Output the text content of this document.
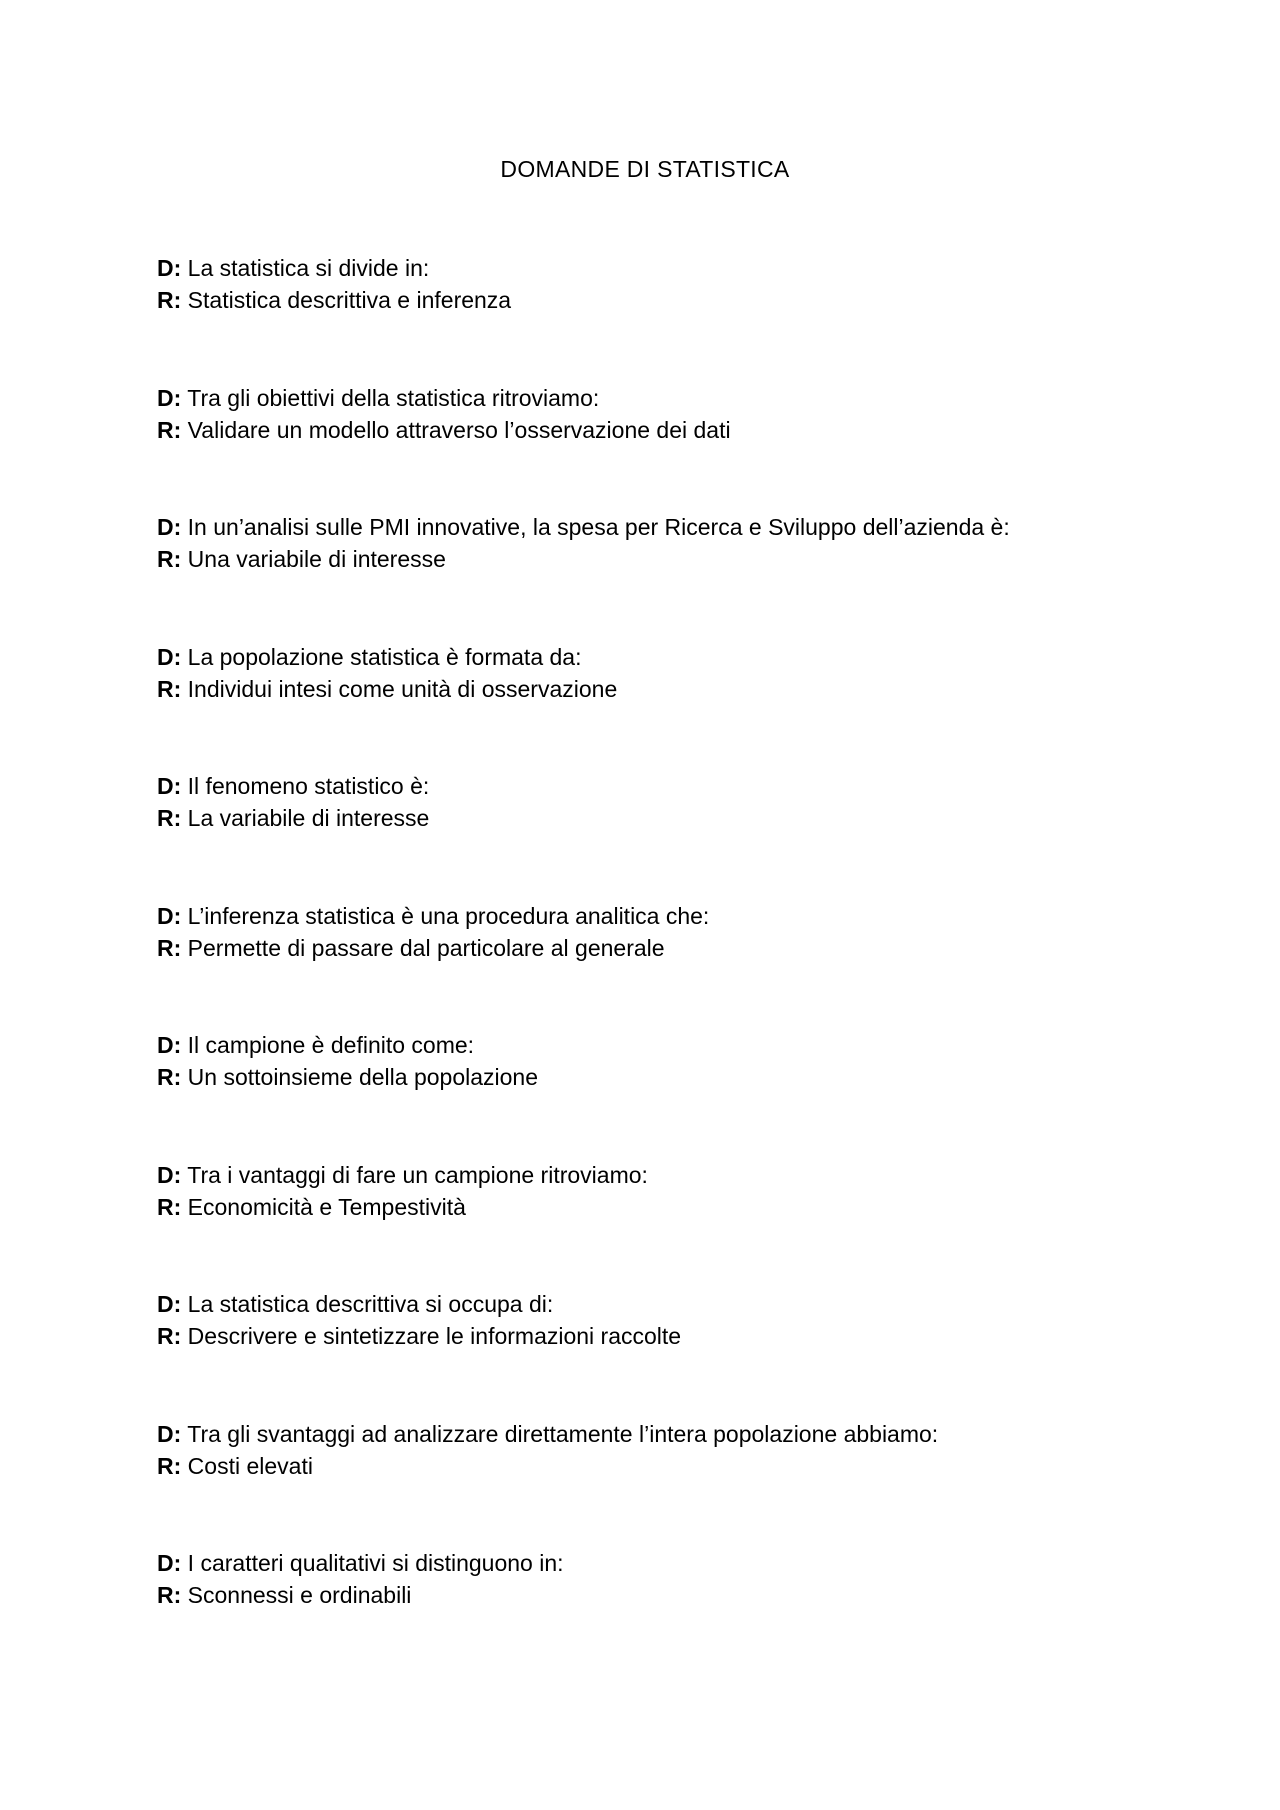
DOMANDE DI STATISTICA
D: La statistica si divide in:
R: Statistica descrittiva e inferenza
D: Tra gli obiettivi della statistica ritroviamo:
R: Validare un modello attraverso l’osservazione dei dati
D: In un’analisi sulle PMI innovative, la spesa per Ricerca e Sviluppo dell’azienda è:
R: Una variabile di interesse
D: La popolazione statistica è formata da:
R: Individui intesi come unità di osservazione
D: Il fenomeno statistico è:
R: La variabile di interesse
D: L’inferenza statistica è una procedura analitica che:
R: Permette di passare dal particolare al generale
D: Il campione è definito come:
R: Un sottoinsieme della popolazione
D: Tra i vantaggi di fare un campione ritroviamo:
R: Economicità e Tempestività
D: La statistica descrittiva si occupa di:
R: Descrivere e sintetizzare le informazioni raccolte
D: Tra gli svantaggi ad analizzare direttamente l’intera popolazione abbiamo:
R: Costi elevati
D: I caratteri qualitativi si distinguono in:
R: Sconnessi e ordinabili
